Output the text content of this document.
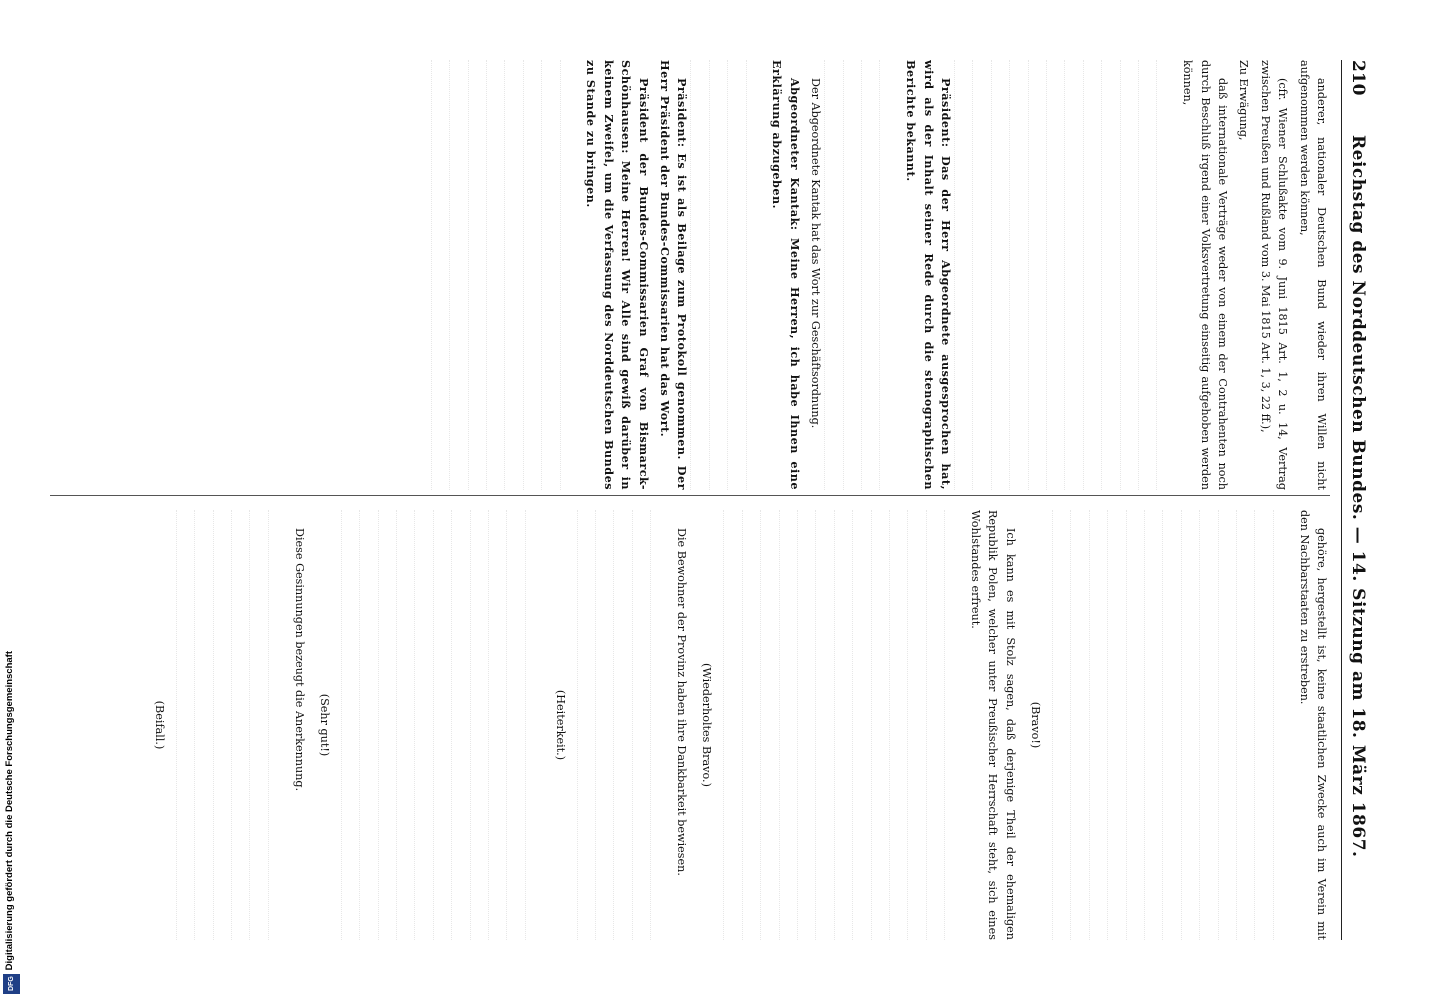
210
Reichstag des Norddeutschen Bundes. — 14. Sitzung am 18. März 1867.

anderer, nationaler Deutschen Bund wieder ihren Willen nicht aufgenommen werden können,

(cfr. Wiener Schlußakte vom 9. Juni 1815 Art. 1, 2 u. 14, Vertrag zwischen Preußen und Rußland vom 3. Mai 1815 Art. 1, 3, 22 ff.),

Zu Erwägung,

daß internationale Verträge weder von einem der Contrahenten noch durch Beschluß irgend einer Volksvertretung einseitig aufgehoben werden können,

Präsident: Das der Herr Abgeordnete ausgesprochen hat, wird als der Inhalt seiner Rede durch die stenographischen Berichte bekannt.

Der Abgeordnete Kantak hat das Wort zur Geschäftsordnung.

Abgeordneter Kantak: Meine Herren, ich habe Ihnen eine Erklärung abzugeben.

Präsident: Es ist als Beilage zum Protokoll genommen. Der Herr Präsident der Bundes-Commissarien hat das Wort.

Präsident der Bundes-Commissarien Graf von Bismarck-Schönhausen: Meine Herren! Wir Alle sind gewiß darüber in keinem Zweifel, um die Verfassung des Norddeutschen Bundes zu Stande zu bringen.

gehöre, hergestellt ist, keine staatlichen Zwecke auch im Verein mit den Nachbarstaaten zu erstreben.

(Bravo!)

Ich kann es mit Stolz sagen, daß derjenige Theil der ehemaligen Republik Polen, welcher unter Preußischer Herrschaft steht, sich eines Wohlstandes erfreut.

(Wiederholtes Bravo.)

Die Bewohner der Provinz haben ihre Dankbarkeit bewiesen.

(Heiterkeit.)

(Sehr gut!)

Diese Gesinnungen bezeugt die Anerkennung.

(Beifall.)

Digitalisierung gefördert durch die Deutsche Forschungsgemeinschaft
DFG
